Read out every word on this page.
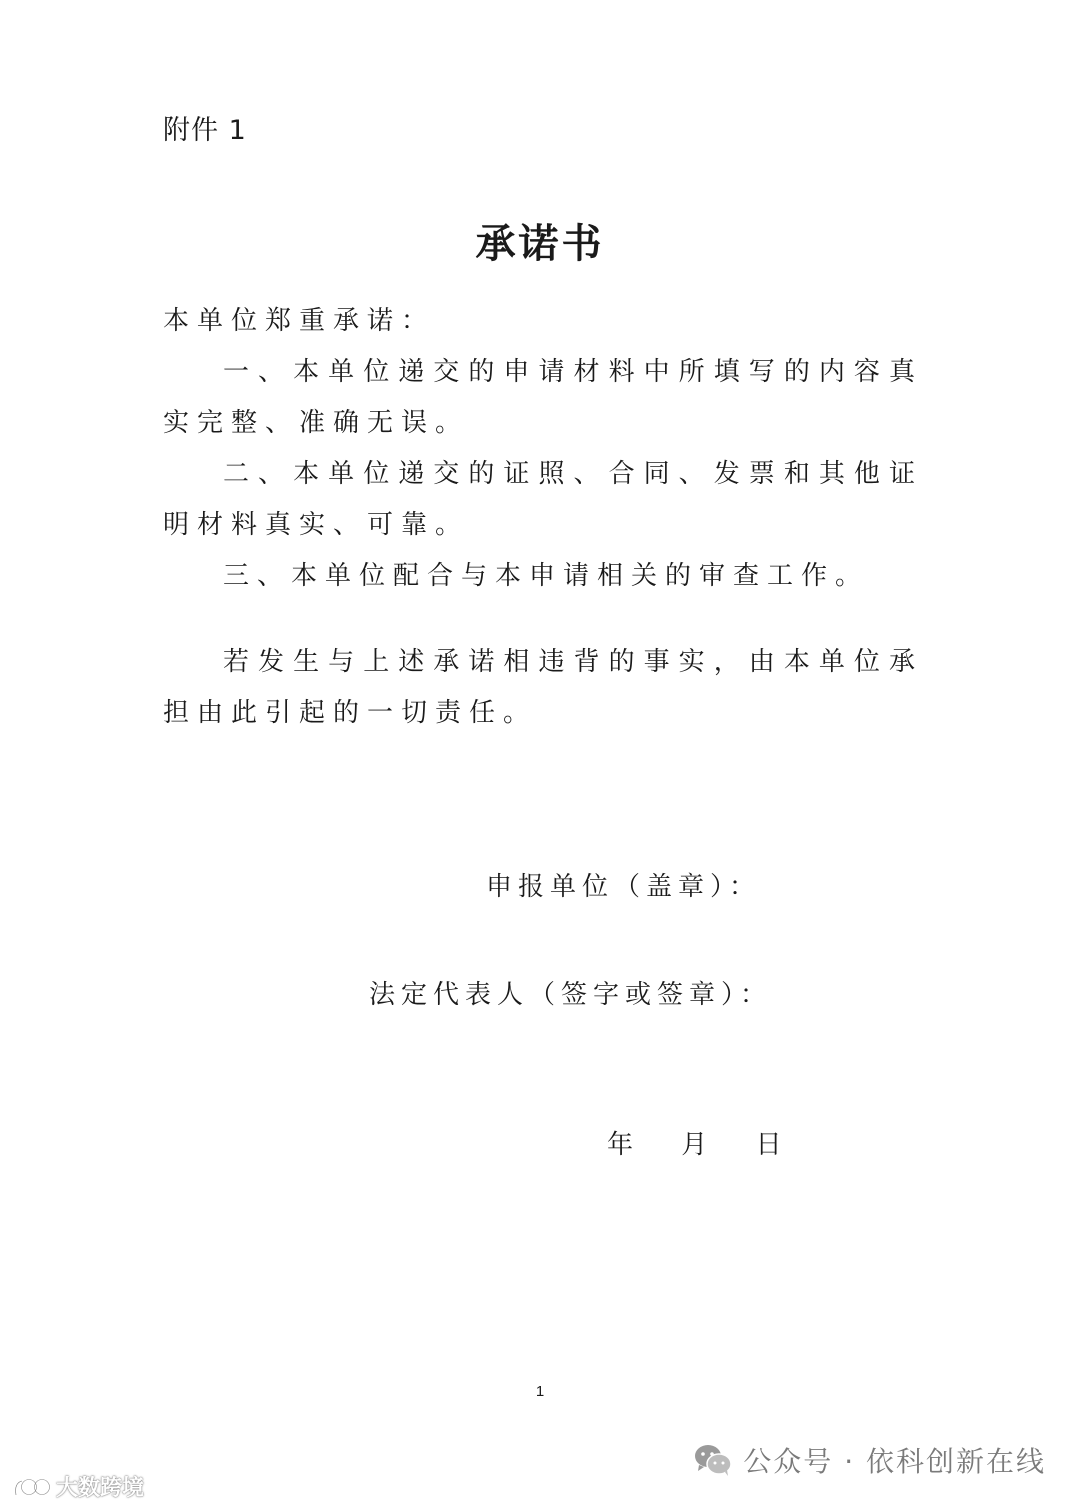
附件 1
承诺书

本单位郑重承诺：

一、本单位递交的申请材料中所填写的内容真实完整、准确无误。

二、本单位递交的证照、合同、发票和其他证明材料真实、可靠。

三、本单位配合与本申请相关的审查工作。

若发生与上述承诺相违背的事实，由本单位承担由此引起的一切责任。

申报单位（盖章）：
法定代表人（签字或签章）：
年 月 日
1
公众号 · 依科创新在线
大数跨境
